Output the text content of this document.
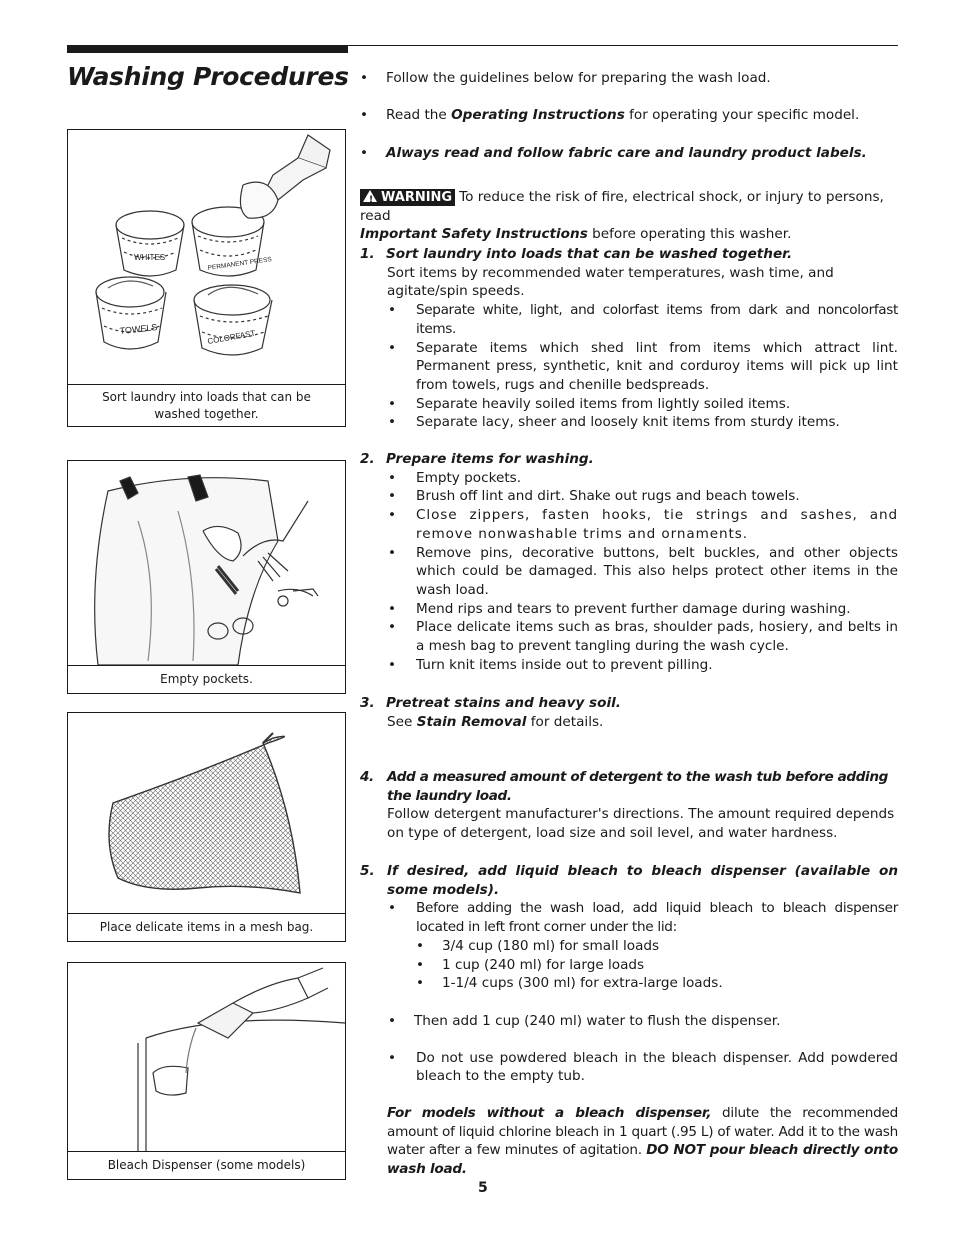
Washing Procedures
WHITES	PERMANENT PRESS
TOWELS	COLORFAST
Sort laundry into loads that can be washed together.
Empty pockets.
Place delicate items in a mesh bag.
Bleach Dispenser (some models)
• Follow the guidelines below for preparing the wash load.
• Read the Operating Instructions for operating your specific model.
• Always read and follow fabric care and laundry product labels.
! WARNING To reduce the risk of fire, electrical shock, or injury to persons, read
Important Safety Instructions before operating this washer.
1. Sort laundry into loads that can be washed together.
Sort items by recommended water temperatures, wash time, and agitate/spin speeds.
• Separate white, light, and colorfast items from dark and noncolorfast items.
• Separate items which shed lint from items which attract lint. Permanent press, synthetic, knit and corduroy items will pick up lint from towels, rugs and chenille bedspreads.
• Separate heavily soiled items from lightly soiled items.
• Separate lacy, sheer and loosely knit items from sturdy items.
2. Prepare items for washing.
• Empty pockets.
• Brush off lint and dirt. Shake out rugs and beach towels.
• Close zippers, fasten hooks, tie strings and sashes, and remove nonwashable trims and ornaments.
• Remove pins, decorative buttons, belt buckles, and other objects which could be damaged. This also helps protect other items in the wash load.
• Mend rips and tears to prevent further damage during washing.
• Place delicate items such as bras, shoulder pads, hosiery, and belts in a mesh bag to prevent tangling during the wash cycle.
• Turn knit items inside out to prevent pilling.
3. Pretreat stains and heavy soil.
See Stain Removal for details.
4. Add a measured amount of detergent to the wash tub before adding the laundry load.
Follow detergent manufacturer's directions. The amount required depends on type of detergent, load size and soil level, and water hardness.
5. If desired, add liquid bleach to bleach dispenser (available on some models).
• Before adding the wash load, add liquid bleach to bleach dispenser located in left front corner under the lid:
• 3/4 cup (180 ml) for small loads
• 1 cup (240 ml) for large loads
• 1-1/4 cups (300 ml) for extra-large loads.
• Then add 1 cup (240 ml) water to flush the dispenser.
• Do not use powdered bleach in the bleach dispenser. Add powdered bleach to the empty tub.
For models without a bleach dispenser, dilute the recommended amount of liquid chlorine bleach in 1 quart (.95 L) of water. Add it to the wash water after a few minutes of agitation. DO NOT pour bleach directly onto wash load.
5
